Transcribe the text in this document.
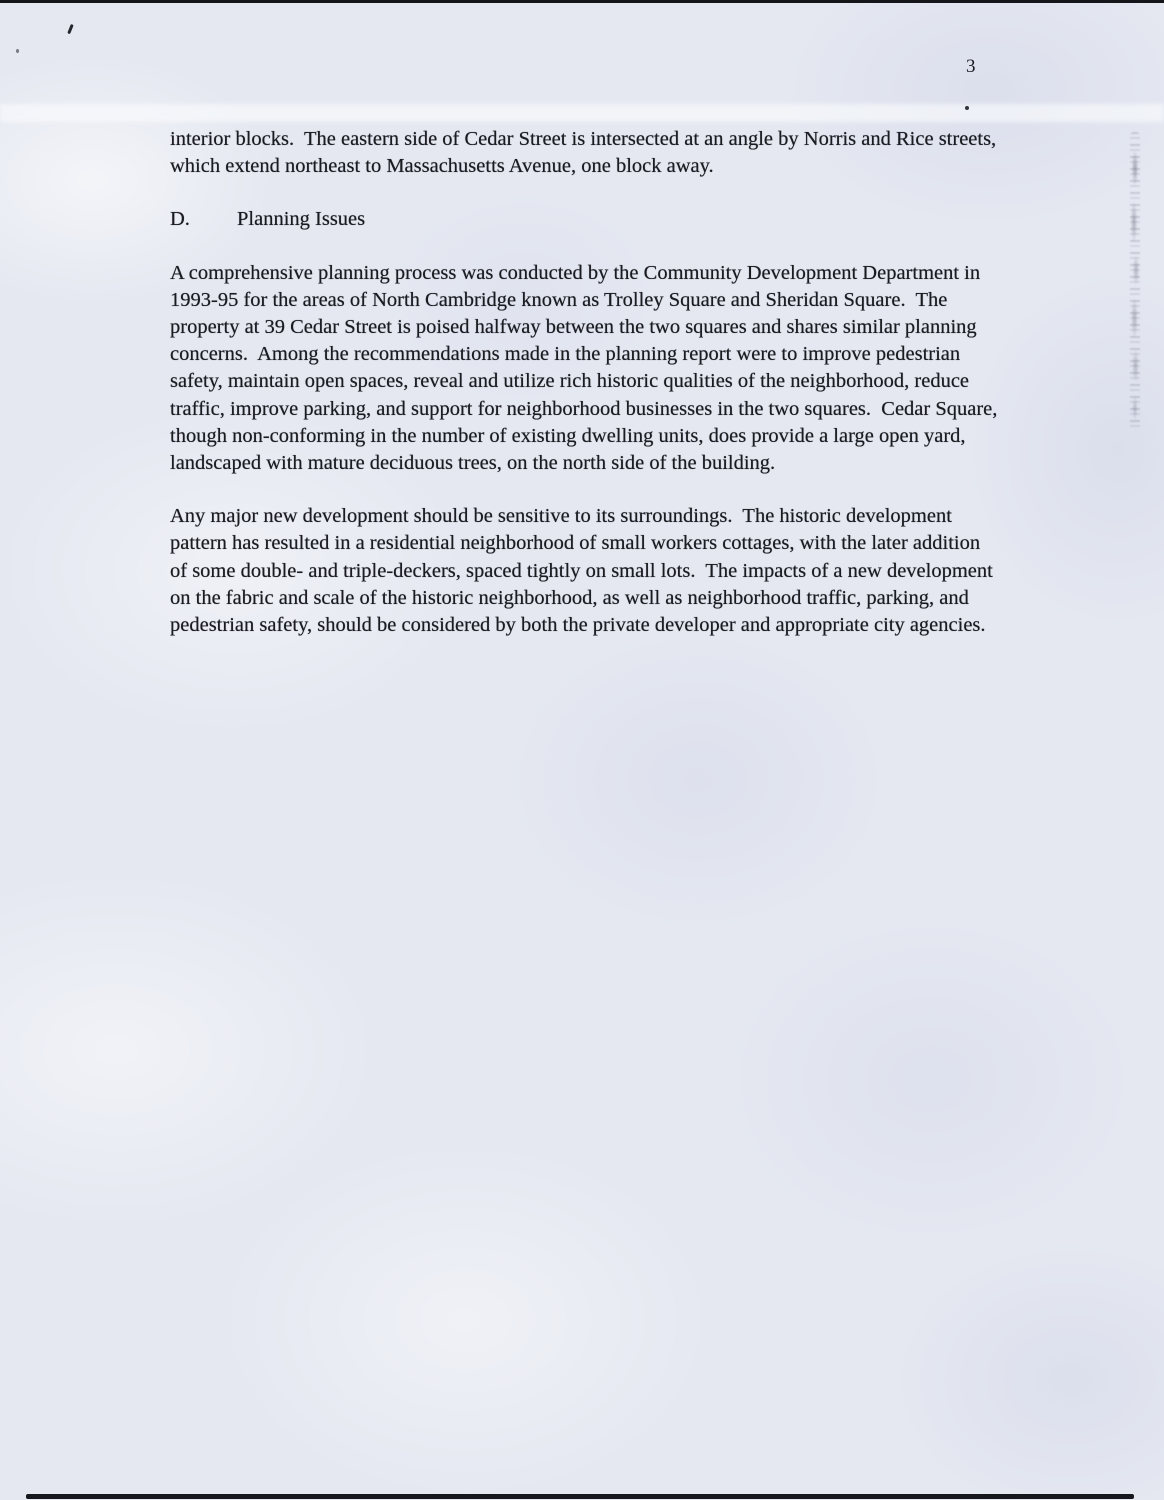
3

interior blocks.  The eastern side of Cedar Street is intersected at an angle by Norris and Rice streets, which extend northeast to Massachusetts Avenue, one block away.

D.	Planning Issues

A comprehensive planning process was conducted by the Community Development Department in 1993-95 for the areas of North Cambridge known as Trolley Square and Sheridan Square.  The property at 39 Cedar Street is poised halfway between the two squares and shares similar planning concerns.  Among the recommendations made in the planning report were to improve pedestrian safety, maintain open spaces, reveal and utilize rich historic qualities of the neighborhood, reduce traffic, improve parking, and support for neighborhood businesses in the two squares.  Cedar Square, though non-conforming in the number of existing dwelling units, does provide a large open yard, landscaped with mature deciduous trees, on the north side of the building.

Any major new development should be sensitive to its surroundings.  The historic development pattern has resulted in a residential neighborhood of small workers cottages, with the later addition of some double- and triple-deckers, spaced tightly on small lots.  The impacts of a new development on the fabric and scale of the historic neighborhood, as well as neighborhood traffic, parking, and pedestrian safety, should be considered by both the private developer and appropriate city agencies.
